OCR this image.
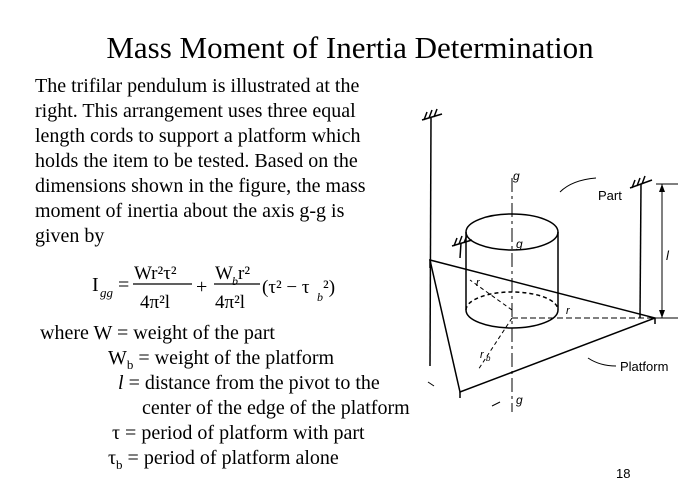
Mass Moment of Inertia Determination
The trifilar pendulum is illustrated at the
right. This arrangement uses three equal
length cords to support a platform which
holds the item to be tested. Based on the
dimensions shown in the figure, the mass
moment of inertia about the axis g-g is
given by
I gg =
Wr²τ²
4π²l
+
W b r²
4π²l
(τ² − τ b ²)
where W = weight of the part
$W_b$ = weight of the platform
l = distance from the pivot to the
center of the edge of the platform
τ = period of platform with part
$\tau_b$ = period of platform alone
g
g
g
Part
Platform
r
r
r b
l
18
